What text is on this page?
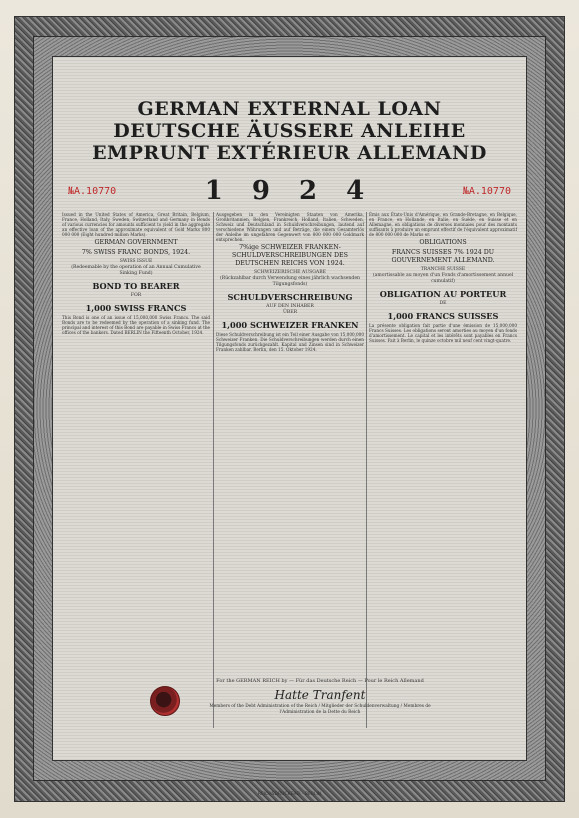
GERMAN EXTERNAL LOAN
DEUTSCHE ÄUSSERE ANLEIHE
EMPRUNT EXTÉRIEUR ALLEMAND
№A.10770	1 9 2 4	№A.10770

Issued in the United States of America, Great Britain, Belgium, France, Holland, Italy, Sweden, Switzerland and Germany in Bonds of various currencies for amounts sufficient to yield in the aggregate an effective loan of the approximate equivalent of Gold Marks 800 000 000 (Eight hundred million Marks).

GERMAN GOVERNMENT
7% SWISS FRANC BONDS, 1924.
SWISS ISSUE
(Redeemable by the operation of an Annual Cumulative Sinking Fund)
BOND TO BEARER
FOR
1,000 SWISS FRANCS

This Bond is one of an issue of 15,000,000 Swiss Francs. The said Bonds are to be redeemed by the operation of a sinking fund. The principal and interest of this Bond are payable in Swiss Francs at the offices of the bankers. Dated BERLIN the Fifteenth October, 1924.

Ausgegeben in den Vereinigten Staaten von Amerika, Großbritannien, Belgien, Frankreich, Holland, Italien, Schweden, Schweiz und Deutschland in Schuldverschreibungen, lautend auf verschiedene Währungen und auf Beträge, die einem Gesamterlös der Anleihe im ungefähren Gegenwert von 800 000 000 Goldmark entsprechen.

7%ige SCHWEIZER FRANKEN-SCHULDVERSCHREIBUNGEN DES DEUTSCHEN REICHS VON 1924.
SCHWEIZERISCHE AUSGABE
(Rückzahlbar durch Verwendung eines jährlich wachsenden Tilgungsfonds)
SCHULDVERSCHREIBUNG
AUF DEN INHABER
ÜBER
1,000 SCHWEIZER FRANKEN

Diese Schuldverschreibung ist ein Teil einer Ausgabe von 15,000,000 Schweizer Franken. Die Schuldverschreibungen werden durch einen Tilgungsfonds zurückgezahlt. Kapital und Zinsen sind in Schweizer Franken zahlbar. Berlin, den 15. Oktober 1924.

Émis aux États-Unis d'Amérique, en Grande-Bretagne, en Belgique, en France, en Hollande, en Italie, en Suède, en Suisse et en Allemagne, en obligations de diverses monnaies pour des montants suffisants à produire un emprunt effectif de l'équivalent approximatif de 800 000 000 de Marks or.

OBLIGATIONS
FRANCS SUISSES 7% 1924 DU GOUVERNEMENT ALLEMAND.
TRANCHE SUISSE
(amortissable au moyen d'un Fonds d'amortissement annuel cumulatif)
OBLIGATION AU PORTEUR
DE
1,000 FRANCS SUISSES

La présente obligation fait partie d'une émission de 15,000,000 Francs Suisses. Les obligations seront amorties au moyen d'un fonds d'amortissement. Le capital et les intérêts sont payables en Francs Suisses. Fait à Berlin, le quinze octobre mil neuf cent vingt-quatre.

For the GERMAN REICH by — Für das Deutsche Reich — Pour le Reich Allemand
Hatte Tranfent
Members of the Debt Administration of the Reich / Mitglieder der Schuldenverwaltung / Membres de l'Administration de la Dette du Reich
REICHSDRUCKEREI · BERLIN
